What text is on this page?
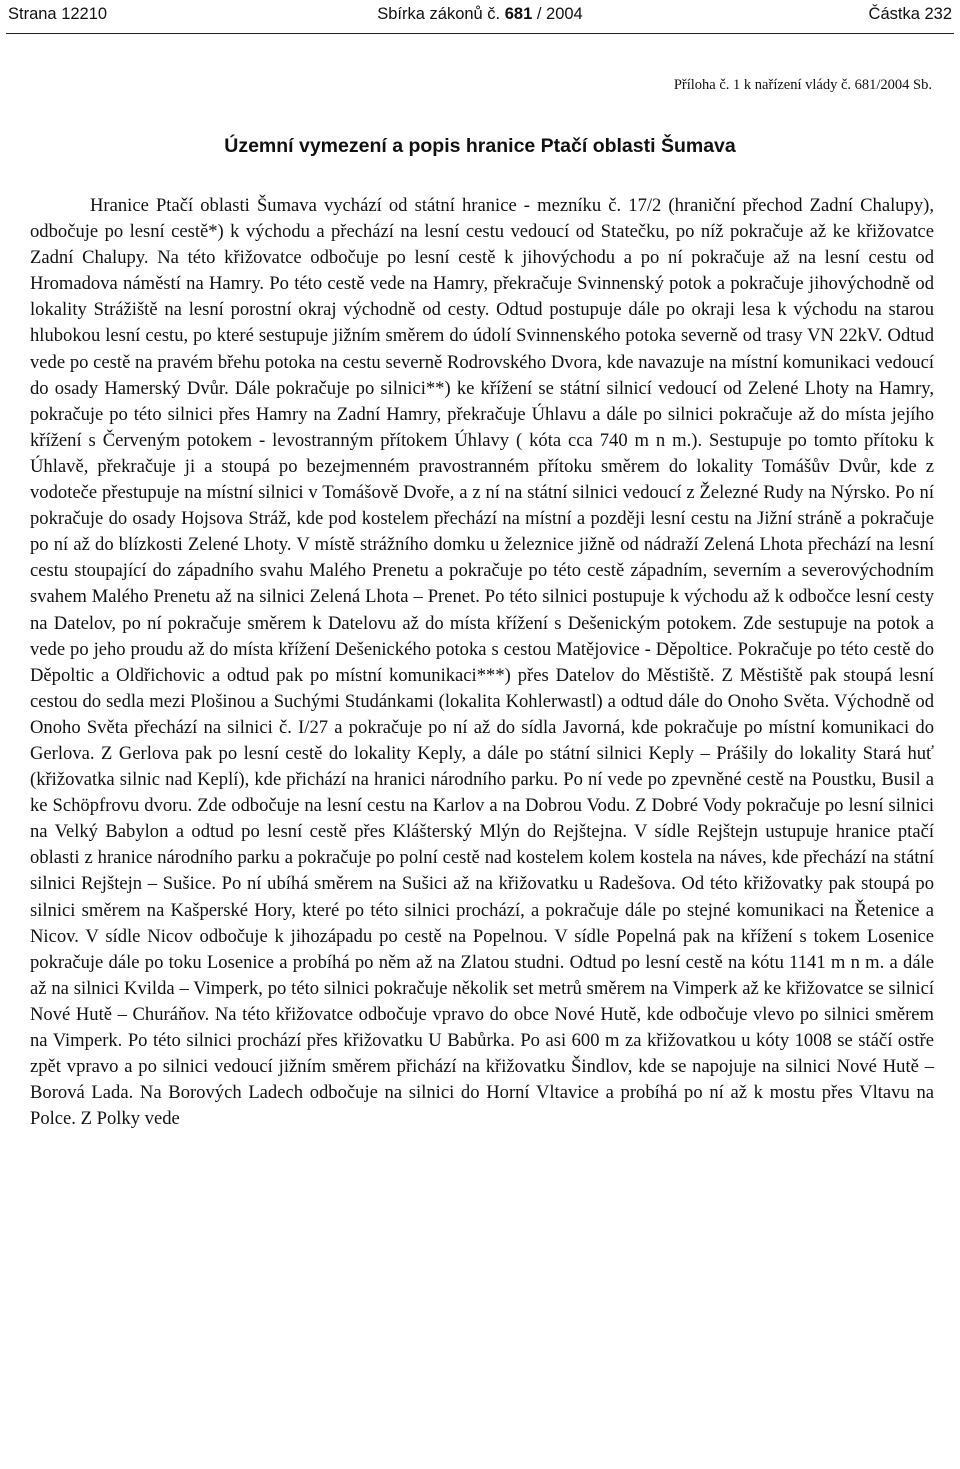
Strana 12210	Sbírka zákonů č. 681 / 2004	Částka 232
Příloha č. 1 k nařízení vlády č. 681/2004 Sb.
Územní vymezení a popis hranice Ptačí oblasti Šumava

Hranice Ptačí oblasti Šumava vychází od státní hranice - mezníku č. 17/2 (hraniční přechod Zadní Chalupy), odbočuje po lesní cestě*) k východu a přechází na lesní cestu vedoucí od Statečku, po níž pokračuje až ke křižovatce Zadní Chalupy. Na této křižovatce odbočuje po lesní cestě k jihovýchodu a po ní pokračuje až na lesní cestu od Hromadova náměstí na Hamry. Po této cestě vede na Hamry, překračuje Svinnenský potok a pokračuje jihovýchodně od lokality Strážiště na lesní porostní okraj východně od cesty. Odtud postupuje dále po okraji lesa k východu na starou hlubokou lesní cestu, po které sestupuje jižním směrem do údolí Svinnenského potoka severně od trasy VN 22kV. Odtud vede po cestě na pravém břehu potoka na cestu severně Rodrovského Dvora, kde navazuje na místní komunikaci vedoucí do osady Hamerský Dvůr. Dále pokračuje po silnici**) ke křížení se státní silnicí vedoucí od Zelené Lhoty na Hamry, pokračuje po této silnici přes Hamry na Zadní Hamry, překračuje Úhlavu a dále po silnici pokračuje až do místa jejího křížení s Červeným potokem - levostranným přítokem Úhlavy ( kóta cca 740 m n m.). Sestupuje po tomto přítoku k Úhlavě, překračuje ji a stoupá po bezejmenném pravostranném přítoku směrem do lokality Tomášův Dvůr, kde z vodoteče přestupuje na místní silnici v Tomášově Dvoře, a z ní na státní silnici vedoucí z Železné Rudy na Nýrsko. Po ní pokračuje do osady Hojsova Stráž, kde pod kostelem přechází na místní a později lesní cestu na Jižní stráně a pokračuje po ní až do blízkosti Zelené Lhoty. V místě strážního domku u železnice jižně od nádraží Zelená Lhota přechází na lesní cestu stoupající do západního svahu Malého Prenetu a pokračuje po této cestě západním, severním a severovýchodním svahem Malého Prenetu až na silnici Zelená Lhota – Prenet. Po této silnici postupuje k východu až k odbočce lesní cesty na Datelov, po ní pokračuje směrem k Datelovu až do místa křížení s Dešenickým potokem. Zde sestupuje na potok a vede po jeho proudu až do místa křížení Dešenického potoka s cestou Matějovice - Děpoltice. Pokračuje po této cestě do Děpoltic a Oldřichovic a odtud pak po místní komunikaci***) přes Datelov do Městiště. Z Městiště pak stoupá lesní cestou do sedla mezi Plošinou a Suchými Studánkami (lokalita Kohlerwastl) a odtud dále do Onoho Světa. Východně od Onoho Světa přechází na silnici č. I/27 a pokračuje po ní až do sídla Javorná, kde pokračuje po místní komunikaci do Gerlova. Z Gerlova pak po lesní cestě do lokality Keply, a dále po státní silnici Keply – Prášily do lokality Stará huť (křižovatka silnic nad Keplí), kde přichází na hranici národního parku. Po ní vede po zpevněné cestě na Poustku, Busil a ke Schöpfrovu dvoru. Zde odbočuje na lesní cestu na Karlov a na Dobrou Vodu. Z Dobré Vody pokračuje po lesní silnici na Velký Babylon a odtud po lesní cestě přes Klášterský Mlýn do Rejštejna. V sídle Rejštejn ustupuje hranice ptačí oblasti z hranice národního parku a pokračuje po polní cestě nad kostelem kolem kostela na náves, kde přechází na státní silnici Rejštejn – Sušice. Po ní ubíhá směrem na Sušici až na křižovatku u Radešova. Od této křižovatky pak stoupá po silnici směrem na Kašperské Hory, které po této silnici prochází, a pokračuje dále po stejné komunikaci na Řetenice a Nicov. V sídle Nicov odbočuje k jihozápadu po cestě na Popelnou. V sídle Popelná pak na křížení s tokem Losenice pokračuje dále po toku Losenice a probíhá po něm až na Zlatou studni. Odtud po lesní cestě na kótu 1141 m n m. a dále až na silnici Kvilda – Vimperk, po této silnici pokračuje několik set metrů směrem na Vimperk až ke křižovatce se silnicí Nové Hutě – Churáňov. Na této křižovatce odbočuje vpravo do obce Nové Hutě, kde odbočuje vlevo po silnici směrem na Vimperk. Po této silnici prochází přes křižovatku U Babůrka. Po asi 600 m za křižovatkou u kóty 1008 se stáčí ostře zpět vpravo a po silnici vedoucí jižním směrem přichází na křižovatku Šindlov, kde se napojuje na silnici Nové Hutě – Borová Lada. Na Borových Ladech odbočuje na silnici do Horní Vltavice a probíhá po ní až k mostu přes Vltavu na Polce. Z Polky vede
